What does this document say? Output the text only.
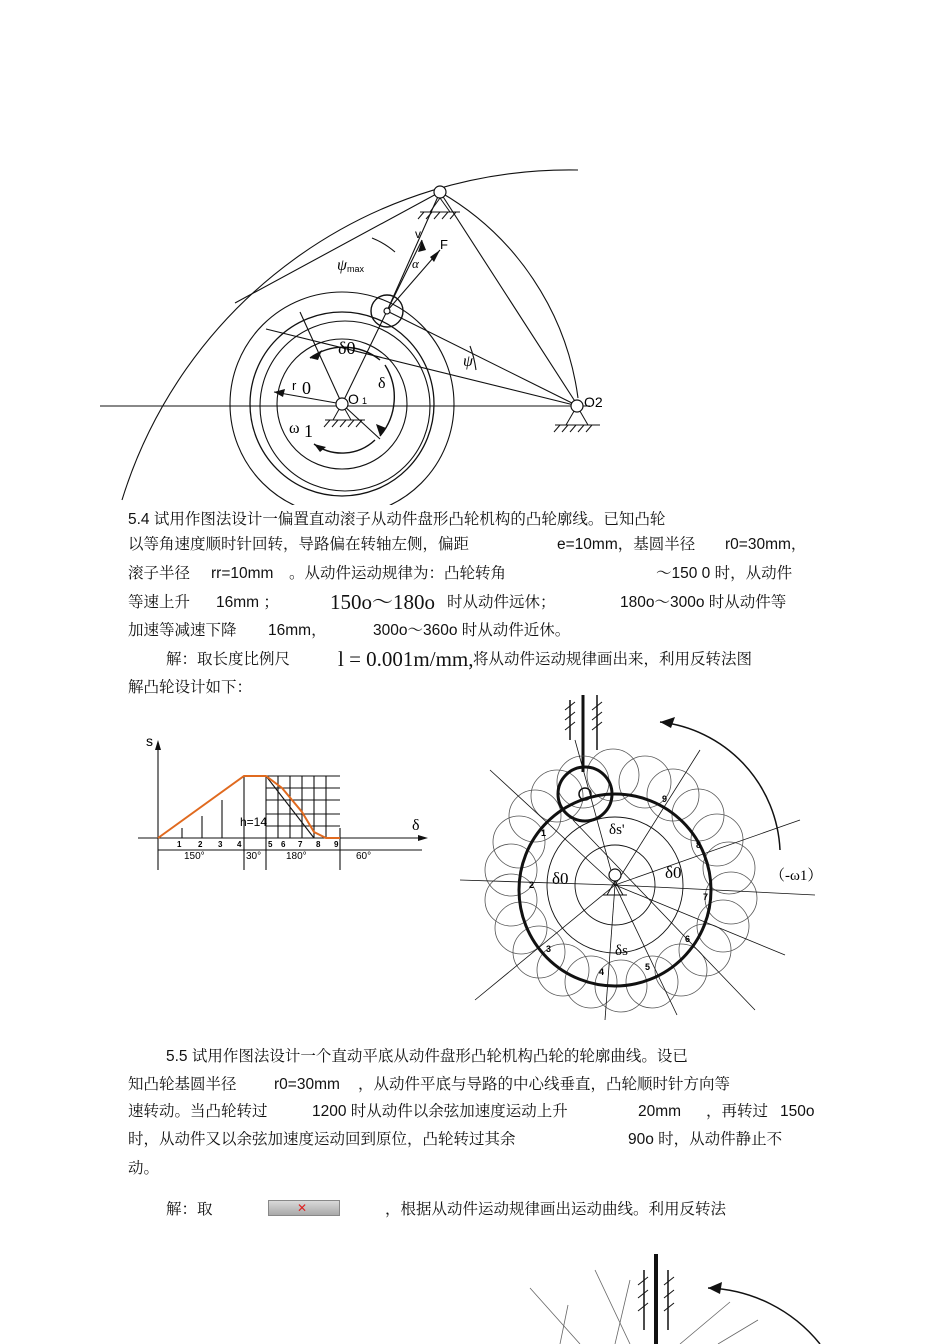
v
F
ψ max	α
δ0
δ
ψ
r 0
O 1	O2
ω 1
5.4 试用作图法设计一偏置直动滚子从动件盘形凸轮机构的凸轮廓线。已知凸轮
以等角速度顺时针回转，导路偏在转轴左侧，偏距	e=10mm，基圆半径 r0=30mm，
滚子半径 rr=10mm 。从动件运动规律为：凸轮转角	～150 0 时，从动件
等速上升 16mm ； 150o～180o 时从动件远休；	180o～300o 时从动件等
加速等减速下降 16mm，	300o～360o 时从动件近休。
解：取长度比例尺 l = 0.001m/mm, 将从动件运动规律画出来，利用反转法图
解凸轮设计如下：
s
δ
h=14
1 2 3 4	5 6 7 8 9
150°	30° 180°	60°
1
2
3
4	5
6
7
8
9
δs'
δ0	δ0
δs
（-ω1）
5.5 试用作图法设计一个直动平底从动件盘形凸轮机构凸轮的轮廓曲线。设已
知凸轮基圆半径 r0=30mm ，从动件平底与导路的中心线垂直，凸轮顺时针方向等
速转动。当凸轮转过	1200 时从动件以余弦加速度运动上升	20mm ，再转过 150o
时，从动件又以余弦加速度运动回到原位，凸轮转过其余	90o 时，从动件静止不
动。
解：取	✕	，根据从动件运动规律画出运动曲线。利用反转法
